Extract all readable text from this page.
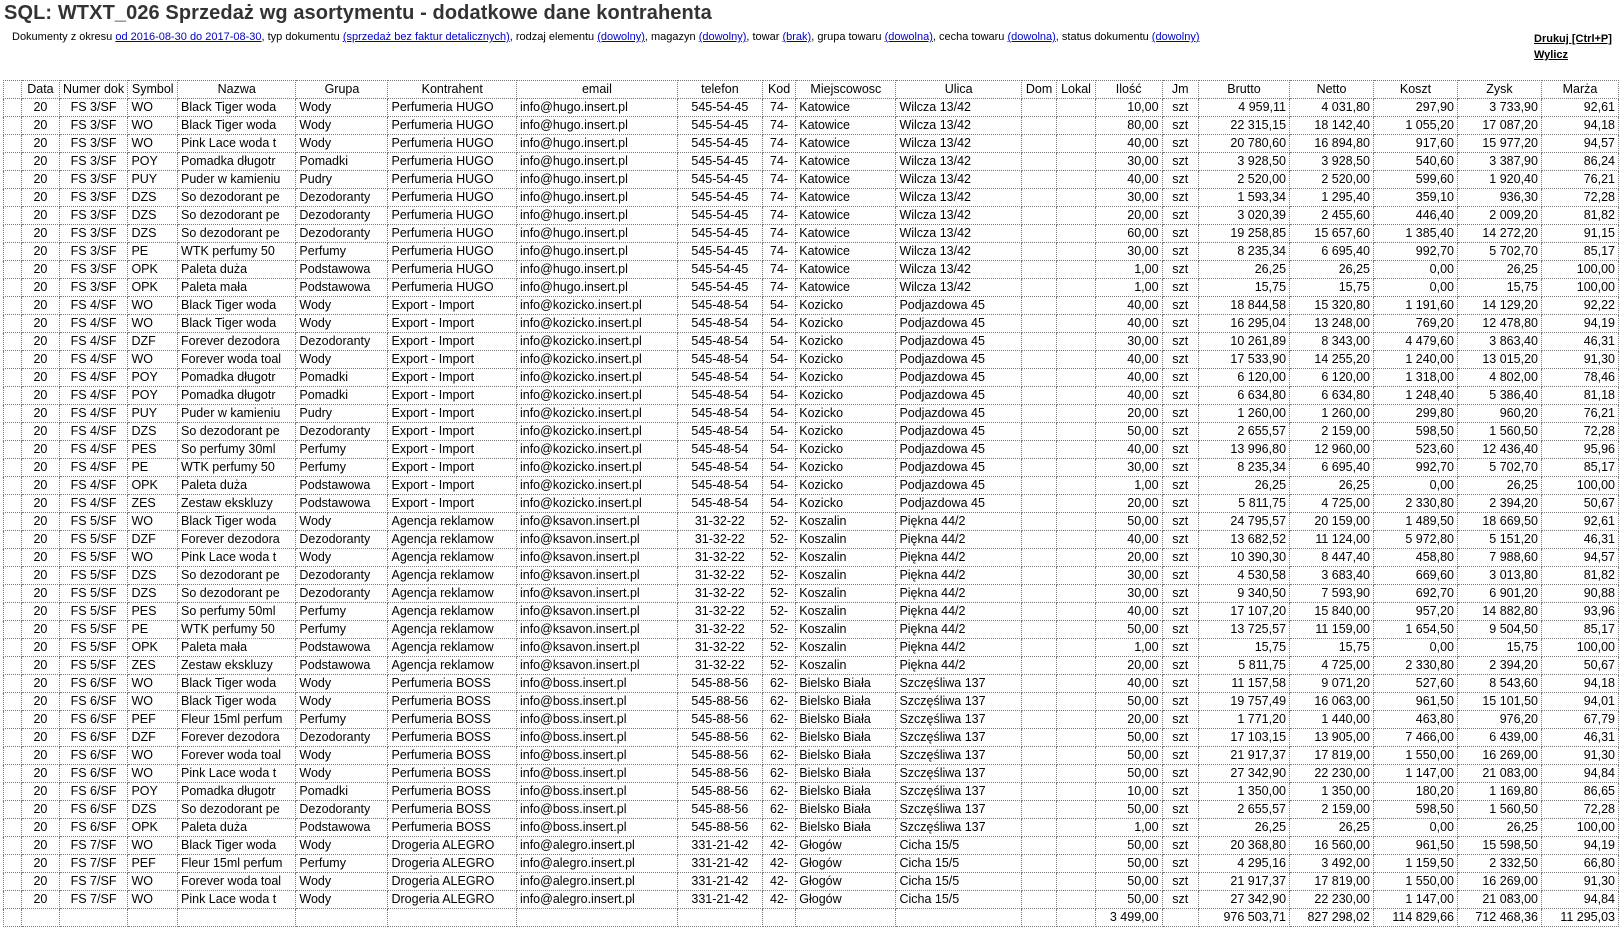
SQL: WTXT_026 Sprzedaż wg asortymentu - dodatkowe dane kontrahenta
Dokumenty z okresu od 2016-08-30 do 2017-08-30, typ dokumentu (sprzedaż bez faktur detalicznych), rodzaj elementu (dowolny), magazyn (dowolny), towar (brak), grupa towaru (dowolna), cecha towaru (dowolna), status dokumentu (dowolny)	Drukuj [Ctrl+P]
Wylicz
	Data	Numer dok	Symbol	Nazwa	Grupa	Kontrahent	email	telefon	Kod	Miejscowosc	Ulica	Dom	Lokal	Ilość	Jm	Brutto	Netto	Koszt	Zysk	Marża
	20	FS 3/SF	WO	Black Tiger woda	Wody	Perfumeria HUGO	info@hugo.insert.pl	545-54-45	74-	Katowice	Wilcza 13/42			10,00	szt	4 959,11	4 031,80	297,90	3 733,90	92,61
	20	FS 3/SF	WO	Black Tiger woda	Wody	Perfumeria HUGO	info@hugo.insert.pl	545-54-45	74-	Katowice	Wilcza 13/42			80,00	szt	22 315,15	18 142,40	1 055,20	17 087,20	94,18
	20	FS 3/SF	WO	Pink Lace woda t	Wody	Perfumeria HUGO	info@hugo.insert.pl	545-54-45	74-	Katowice	Wilcza 13/42			40,00	szt	20 780,60	16 894,80	917,60	15 977,20	94,57
	20	FS 3/SF	POY	Pomadka długotr	Pomadki	Perfumeria HUGO	info@hugo.insert.pl	545-54-45	74-	Katowice	Wilcza 13/42			30,00	szt	3 928,50	3 928,50	540,60	3 387,90	86,24
	20	FS 3/SF	PUY	Puder w kamieniu	Pudry	Perfumeria HUGO	info@hugo.insert.pl	545-54-45	74-	Katowice	Wilcza 13/42			40,00	szt	2 520,00	2 520,00	599,60	1 920,40	76,21
	20	FS 3/SF	DZS	So dezodorant pe	Dezodoranty	Perfumeria HUGO	info@hugo.insert.pl	545-54-45	74-	Katowice	Wilcza 13/42			30,00	szt	1 593,34	1 295,40	359,10	936,30	72,28
	20	FS 3/SF	DZS	So dezodorant pe	Dezodoranty	Perfumeria HUGO	info@hugo.insert.pl	545-54-45	74-	Katowice	Wilcza 13/42			20,00	szt	3 020,39	2 455,60	446,40	2 009,20	81,82
	20	FS 3/SF	DZS	So dezodorant pe	Dezodoranty	Perfumeria HUGO	info@hugo.insert.pl	545-54-45	74-	Katowice	Wilcza 13/42			60,00	szt	19 258,85	15 657,60	1 385,40	14 272,20	91,15
	20	FS 3/SF	PE	WTK perfumy 50	Perfumy	Perfumeria HUGO	info@hugo.insert.pl	545-54-45	74-	Katowice	Wilcza 13/42			30,00	szt	8 235,34	6 695,40	992,70	5 702,70	85,17
	20	FS 3/SF	OPK	Paleta duża	Podstawowa	Perfumeria HUGO	info@hugo.insert.pl	545-54-45	74-	Katowice	Wilcza 13/42			1,00	szt	26,25	26,25	0,00	26,25	100,00
	20	FS 3/SF	OPK	Paleta mała	Podstawowa	Perfumeria HUGO	info@hugo.insert.pl	545-54-45	74-	Katowice	Wilcza 13/42			1,00	szt	15,75	15,75	0,00	15,75	100,00
	20	FS 4/SF	WO	Black Tiger woda	Wody	Export - Import	info@kozicko.insert.pl	545-48-54	54-	Kozicko	Podjazdowa 45			40,00	szt	18 844,58	15 320,80	1 191,60	14 129,20	92,22
	20	FS 4/SF	WO	Black Tiger woda	Wody	Export - Import	info@kozicko.insert.pl	545-48-54	54-	Kozicko	Podjazdowa 45			40,00	szt	16 295,04	13 248,00	769,20	12 478,80	94,19
	20	FS 4/SF	DZF	Forever dezodora	Dezodoranty	Export - Import	info@kozicko.insert.pl	545-48-54	54-	Kozicko	Podjazdowa 45			30,00	szt	10 261,89	8 343,00	4 479,60	3 863,40	46,31
	20	FS 4/SF	WO	Forever woda toal	Wody	Export - Import	info@kozicko.insert.pl	545-48-54	54-	Kozicko	Podjazdowa 45			40,00	szt	17 533,90	14 255,20	1 240,00	13 015,20	91,30
	20	FS 4/SF	POY	Pomadka długotr	Pomadki	Export - Import	info@kozicko.insert.pl	545-48-54	54-	Kozicko	Podjazdowa 45			40,00	szt	6 120,00	6 120,00	1 318,00	4 802,00	78,46
	20	FS 4/SF	POY	Pomadka długotr	Pomadki	Export - Import	info@kozicko.insert.pl	545-48-54	54-	Kozicko	Podjazdowa 45			40,00	szt	6 634,80	6 634,80	1 248,40	5 386,40	81,18
	20	FS 4/SF	PUY	Puder w kamieniu	Pudry	Export - Import	info@kozicko.insert.pl	545-48-54	54-	Kozicko	Podjazdowa 45			20,00	szt	1 260,00	1 260,00	299,80	960,20	76,21
	20	FS 4/SF	DZS	So dezodorant pe	Dezodoranty	Export - Import	info@kozicko.insert.pl	545-48-54	54-	Kozicko	Podjazdowa 45			50,00	szt	2 655,57	2 159,00	598,50	1 560,50	72,28
	20	FS 4/SF	PES	So perfumy 30ml	Perfumy	Export - Import	info@kozicko.insert.pl	545-48-54	54-	Kozicko	Podjazdowa 45			40,00	szt	13 996,80	12 960,00	523,60	12 436,40	95,96
	20	FS 4/SF	PE	WTK perfumy 50	Perfumy	Export - Import	info@kozicko.insert.pl	545-48-54	54-	Kozicko	Podjazdowa 45			30,00	szt	8 235,34	6 695,40	992,70	5 702,70	85,17
	20	FS 4/SF	OPK	Paleta duża	Podstawowa	Export - Import	info@kozicko.insert.pl	545-48-54	54-	Kozicko	Podjazdowa 45			1,00	szt	26,25	26,25	0,00	26,25	100,00
	20	FS 4/SF	ZES	Zestaw ekskluzy	Podstawowa	Export - Import	info@kozicko.insert.pl	545-48-54	54-	Kozicko	Podjazdowa 45			20,00	szt	5 811,75	4 725,00	2 330,80	2 394,20	50,67
	20	FS 5/SF	WO	Black Tiger woda	Wody	Agencja reklamow	info@ksavon.insert.pl	31-32-22	52-	Koszalin	Piękna 44/2			50,00	szt	24 795,57	20 159,00	1 489,50	18 669,50	92,61
	20	FS 5/SF	DZF	Forever dezodora	Dezodoranty	Agencja reklamow	info@ksavon.insert.pl	31-32-22	52-	Koszalin	Piękna 44/2			40,00	szt	13 682,52	11 124,00	5 972,80	5 151,20	46,31
	20	FS 5/SF	WO	Pink Lace woda t	Wody	Agencja reklamow	info@ksavon.insert.pl	31-32-22	52-	Koszalin	Piękna 44/2			20,00	szt	10 390,30	8 447,40	458,80	7 988,60	94,57
	20	FS 5/SF	DZS	So dezodorant pe	Dezodoranty	Agencja reklamow	info@ksavon.insert.pl	31-32-22	52-	Koszalin	Piękna 44/2			30,00	szt	4 530,58	3 683,40	669,60	3 013,80	81,82
	20	FS 5/SF	DZS	So dezodorant pe	Dezodoranty	Agencja reklamow	info@ksavon.insert.pl	31-32-22	52-	Koszalin	Piękna 44/2			30,00	szt	9 340,50	7 593,90	692,70	6 901,20	90,88
	20	FS 5/SF	PES	So perfumy 50ml	Perfumy	Agencja reklamow	info@ksavon.insert.pl	31-32-22	52-	Koszalin	Piękna 44/2			40,00	szt	17 107,20	15 840,00	957,20	14 882,80	93,96
	20	FS 5/SF	PE	WTK perfumy 50	Perfumy	Agencja reklamow	info@ksavon.insert.pl	31-32-22	52-	Koszalin	Piękna 44/2			50,00	szt	13 725,57	11 159,00	1 654,50	9 504,50	85,17
	20	FS 5/SF	OPK	Paleta mała	Podstawowa	Agencja reklamow	info@ksavon.insert.pl	31-32-22	52-	Koszalin	Piękna 44/2			1,00	szt	15,75	15,75	0,00	15,75	100,00
	20	FS 5/SF	ZES	Zestaw ekskluzy	Podstawowa	Agencja reklamow	info@ksavon.insert.pl	31-32-22	52-	Koszalin	Piękna 44/2			20,00	szt	5 811,75	4 725,00	2 330,80	2 394,20	50,67
	20	FS 6/SF	WO	Black Tiger woda	Wody	Perfumeria BOSS	info@boss.insert.pl	545-88-56	62-	Bielsko Biała	Szczęśliwa 137			40,00	szt	11 157,58	9 071,20	527,60	8 543,60	94,18
	20	FS 6/SF	WO	Black Tiger woda	Wody	Perfumeria BOSS	info@boss.insert.pl	545-88-56	62-	Bielsko Biała	Szczęśliwa 137			50,00	szt	19 757,49	16 063,00	961,50	15 101,50	94,01
	20	FS 6/SF	PEF	Fleur 15ml perfum	Perfumy	Perfumeria BOSS	info@boss.insert.pl	545-88-56	62-	Bielsko Biała	Szczęśliwa 137			20,00	szt	1 771,20	1 440,00	463,80	976,20	67,79
	20	FS 6/SF	DZF	Forever dezodora	Dezodoranty	Perfumeria BOSS	info@boss.insert.pl	545-88-56	62-	Bielsko Biała	Szczęśliwa 137			50,00	szt	17 103,15	13 905,00	7 466,00	6 439,00	46,31
	20	FS 6/SF	WO	Forever woda toal	Wody	Perfumeria BOSS	info@boss.insert.pl	545-88-56	62-	Bielsko Biała	Szczęśliwa 137			50,00	szt	21 917,37	17 819,00	1 550,00	16 269,00	91,30
	20	FS 6/SF	WO	Pink Lace woda t	Wody	Perfumeria BOSS	info@boss.insert.pl	545-88-56	62-	Bielsko Biała	Szczęśliwa 137			50,00	szt	27 342,90	22 230,00	1 147,00	21 083,00	94,84
	20	FS 6/SF	POY	Pomadka długotr	Pomadki	Perfumeria BOSS	info@boss.insert.pl	545-88-56	62-	Bielsko Biała	Szczęśliwa 137			10,00	szt	1 350,00	1 350,00	180,20	1 169,80	86,65
	20	FS 6/SF	DZS	So dezodorant pe	Dezodoranty	Perfumeria BOSS	info@boss.insert.pl	545-88-56	62-	Bielsko Biała	Szczęśliwa 137			50,00	szt	2 655,57	2 159,00	598,50	1 560,50	72,28
	20	FS 6/SF	OPK	Paleta duża	Podstawowa	Perfumeria BOSS	info@boss.insert.pl	545-88-56	62-	Bielsko Biała	Szczęśliwa 137			1,00	szt	26,25	26,25	0,00	26,25	100,00
	20	FS 7/SF	WO	Black Tiger woda	Wody	Drogeria ALEGRO	info@alegro.insert.pl	331-21-42	42-	Głogów	Cicha 15/5			50,00	szt	20 368,80	16 560,00	961,50	15 598,50	94,19
	20	FS 7/SF	PEF	Fleur 15ml perfum	Perfumy	Drogeria ALEGRO	info@alegro.insert.pl	331-21-42	42-	Głogów	Cicha 15/5			50,00	szt	4 295,16	3 492,00	1 159,50	2 332,50	66,80
	20	FS 7/SF	WO	Forever woda toal	Wody	Drogeria ALEGRO	info@alegro.insert.pl	331-21-42	42-	Głogów	Cicha 15/5			50,00	szt	21 917,37	17 819,00	1 550,00	16 269,00	91,30
	20	FS 7/SF	WO	Pink Lace woda t	Wody	Drogeria ALEGRO	info@alegro.insert.pl	331-21-42	42-	Głogów	Cicha 15/5			50,00	szt	27 342,90	22 230,00	1 147,00	21 083,00	94,84
														3 499,00		976 503,71	827 298,02	114 829,66	712 468,36	11 295,03
